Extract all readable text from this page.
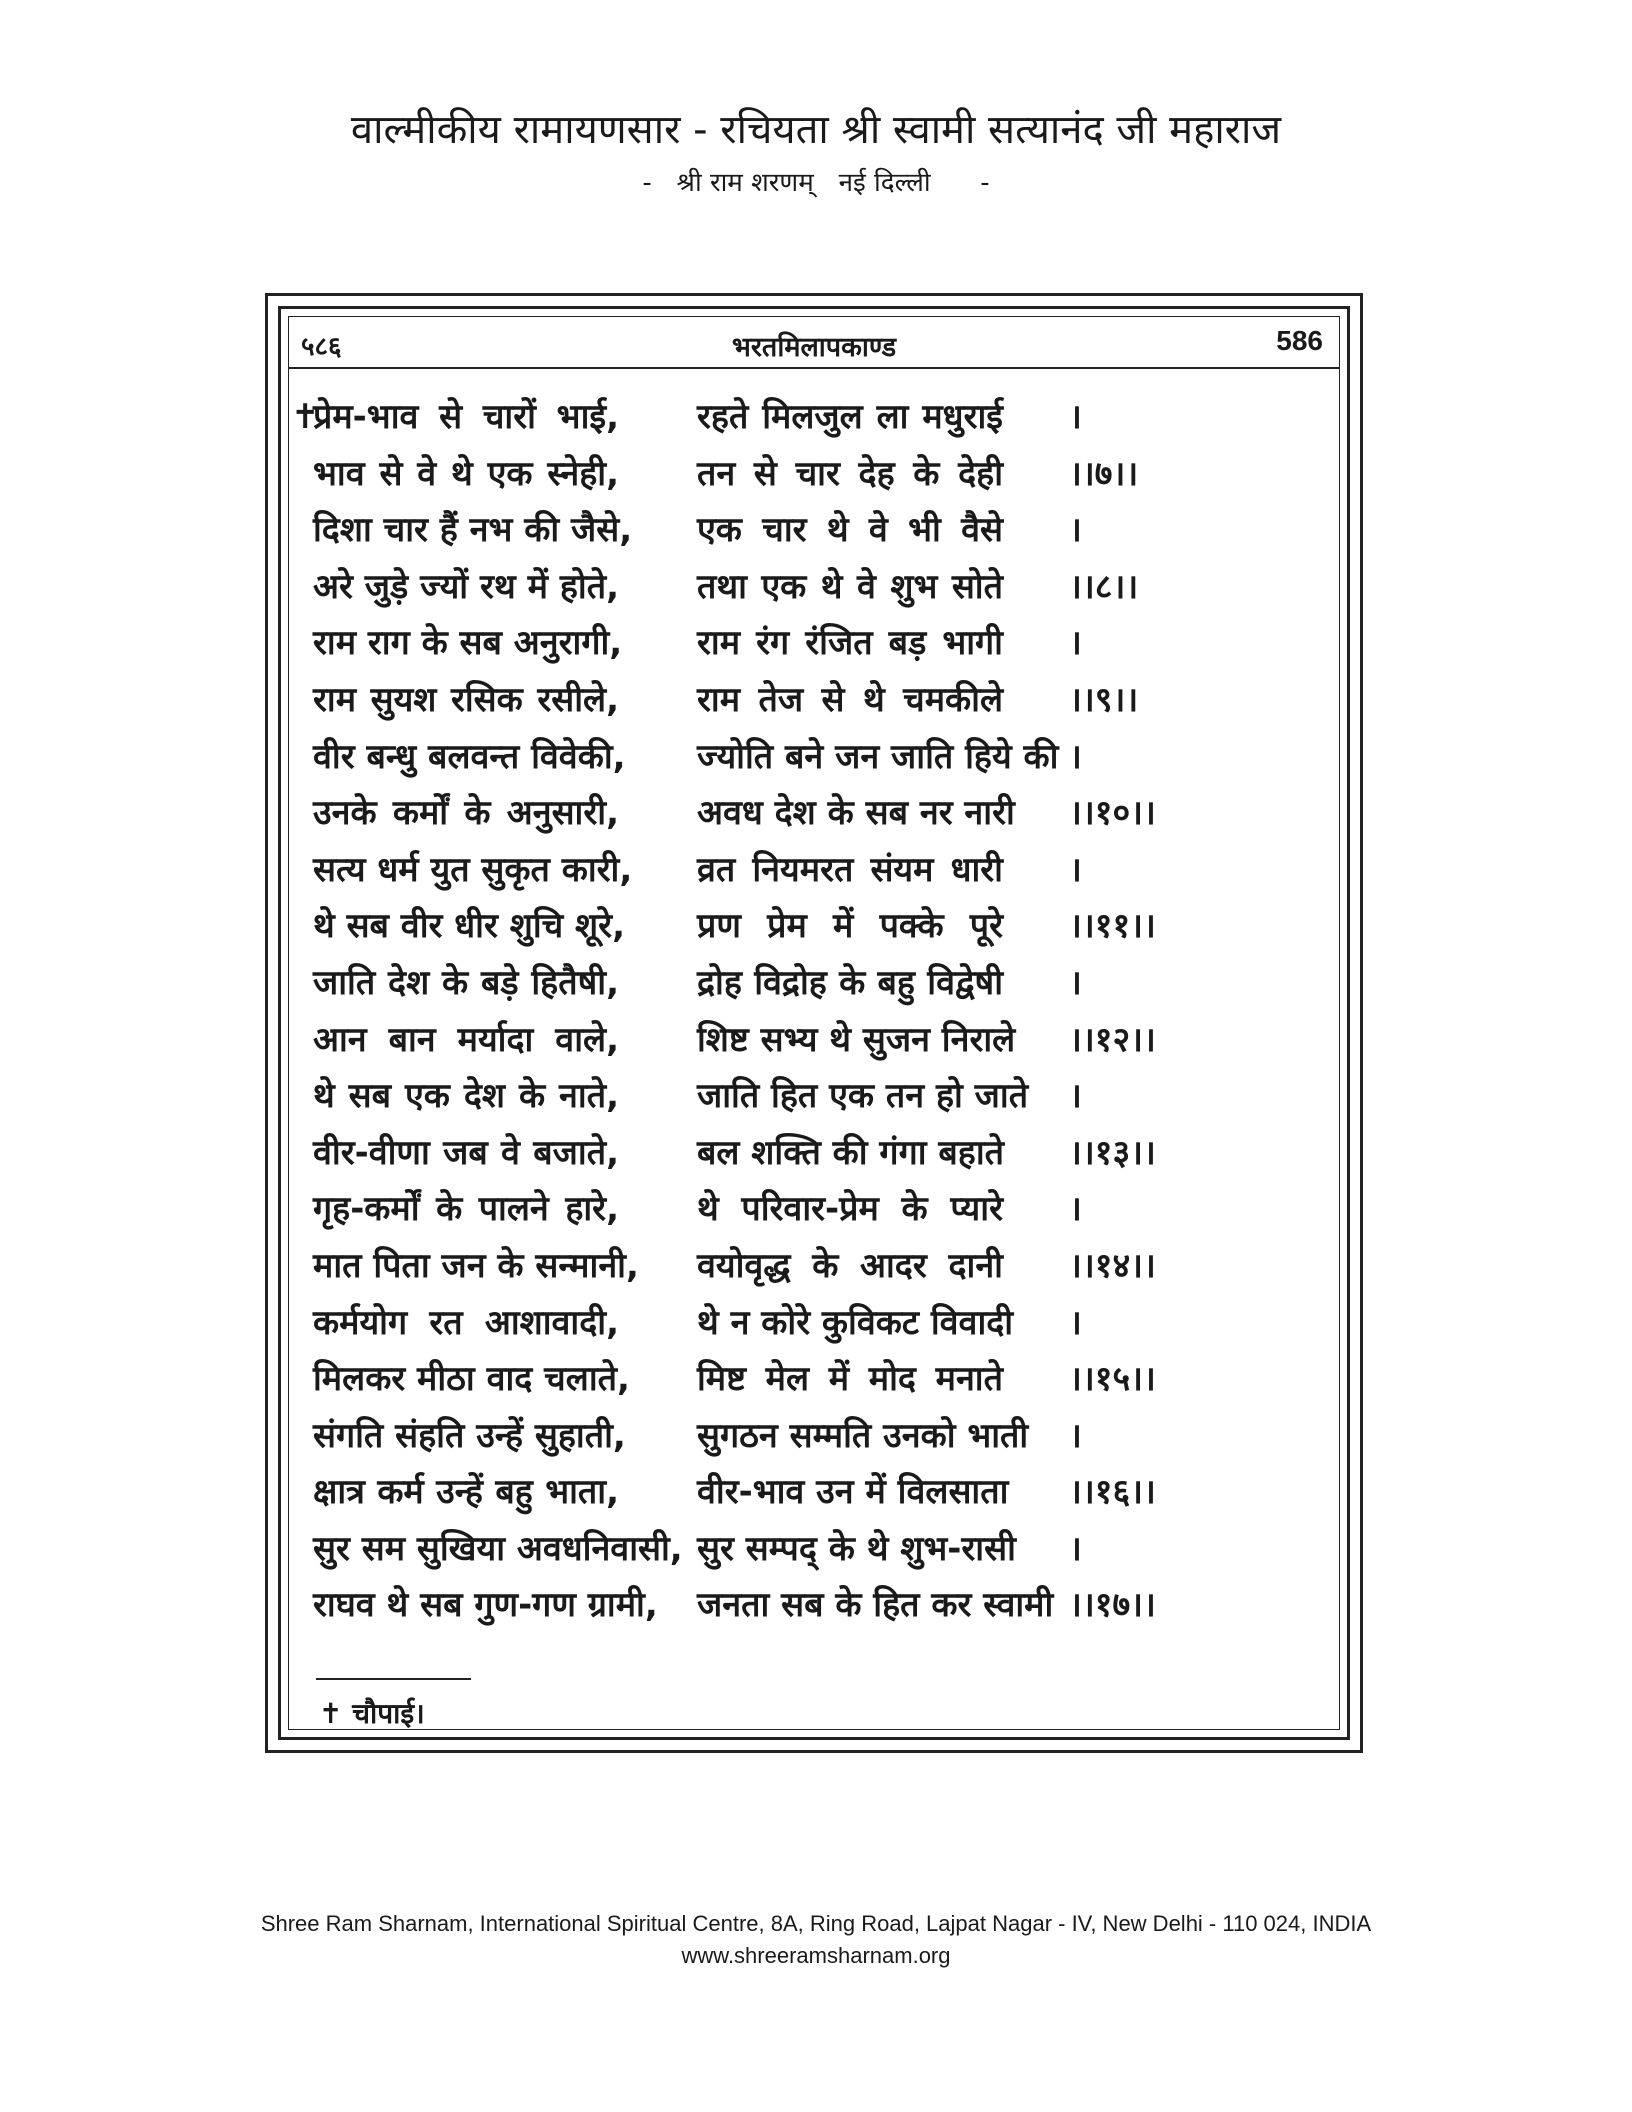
वाल्मीकीय रामायणसार - रचियता श्री स्वामी सत्यानंद जी महाराज
-   श्री राम शरणम्   नई दिल्ली      -
५८६	भरतमिलापकाण्ड	586
✝
प्रेम-भाव से चारों भाई, रहते मिलजुल ला मधुराई ।
भाव से वे थे एक स्नेही, तन से चार देह के देही ।।७।।
दिशा चार हैं नभ की जैसे, एक चार थे वे भी वैसे ।
अरे जुड़े ज्यों रथ में होते, तथा एक थे वे शुभ सोते ।।८।।
राम राग के सब अनुरागी, राम रंग रंजित बड़ भागी ।
राम सुयश रसिक रसीले, राम तेज से थे चमकीले ।।९।।
वीर बन्धु बलवन्त विवेकी, ज्योति बने जन जाति हिये की ।
उनके कर्मों के अनुसारी, अवध देश के सब नर नारी ।।१०।।
सत्य धर्म युत सुकृत कारी, व्रत नियमरत संयम धारी ।
थे सब वीर धीर शुचि शूरे, प्रण प्रेम में पक्के पूरे ।।११।।
जाति देश के बड़े हितैषी, द्रोह विद्रोह के बहु विद्वेषी ।
आन बान मर्यादा वाले, शिष्ट सभ्य थे सुजन निराले ।।१२।।
थे सब एक देश के नाते, जाति हित एक तन हो जाते ।
वीर-वीणा जब वे बजाते, बल शक्ति की गंगा बहाते ।।१३।।
गृह-कर्मों के पालने हारे, थे परिवार-प्रेम के प्यारे ।
मात पिता जन के सन्मानी, वयोवृद्ध के आदर दानी ।।१४।।
कर्मयोग रत आशावादी, थे न कोरे कुविकट विवादी ।
मिलकर मीठा वाद चलाते, मिष्ट मेल में मोद मनाते ।।१५।।
संगति संहति उन्हें सुहाती, सुगठन सम्मति उनको भाती ।
क्षात्र कर्म उन्हें बहु भाता, वीर-भाव उन में विलसाता ।।१६।।
सुर सम सुखिया अवधनिवासी, सुर सम्पद् के थे शुभ-रासी ।
राघव थे सब गुण-गण ग्रामी, जनता सब के हित कर स्वामी ।।१७।।
✝ चौपाई।
Shree Ram Sharnam, International Spiritual Centre, 8A, Ring Road, Lajpat Nagar - IV, New Delhi - 110 024, INDIA
www.shreeramsharnam.org
